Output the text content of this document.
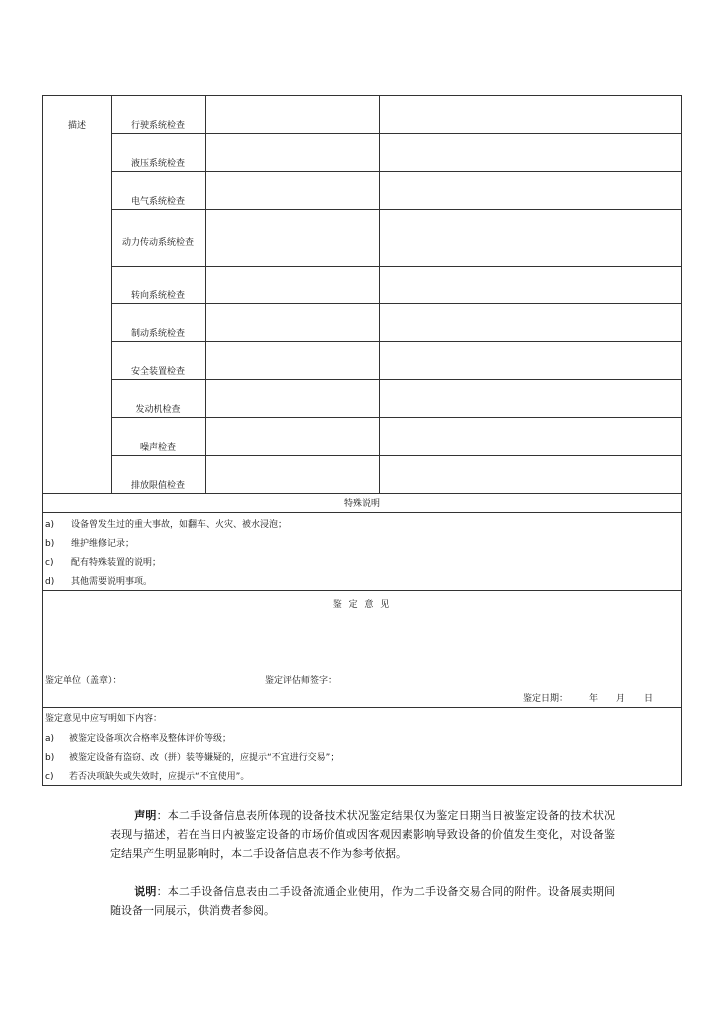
描述	行驶系统检查
液压系统检查
电气系统检查
动力传动系统检查
转向系统检查
制动系统检查
安全装置检查
发动机检查
噪声检查
排放限值检查
特殊说明
a) 设备曾发生过的重大事故，如翻车、火灾、被水浸泡；
b) 维护维修记录；
c) 配有特殊装置的说明；
d) 其他需要说明事项。
鉴 定 意 见
鉴定单位（盖章）：	鉴定评估师签字：
鉴定日期： 年 月 日
鉴定意见中应写明如下内容：
a) 被鉴定设备项次合格率及整体评价等级；
b) 被鉴定设备有盗窃、改（拼）装等嫌疑的，应提示“不宜进行交易”；
c) 若否决项缺失或失效时，应提示“不宜使用”。
声明：本二手设备信息表所体现的设备技术状况鉴定结果仅为鉴定日期当日被鉴定设备的技术状况表现与描述，若在当日内被鉴定设备的市场价值或因客观因素影响导致设备的价值发生变化，对设备鉴定结果产生明显影响时，本二手设备信息表不作为参考依据。
说明：本二手设备信息表由二手设备流通企业使用，作为二手设备交易合同的附件。设备展卖期间随设备一同展示，供消费者参阅。
